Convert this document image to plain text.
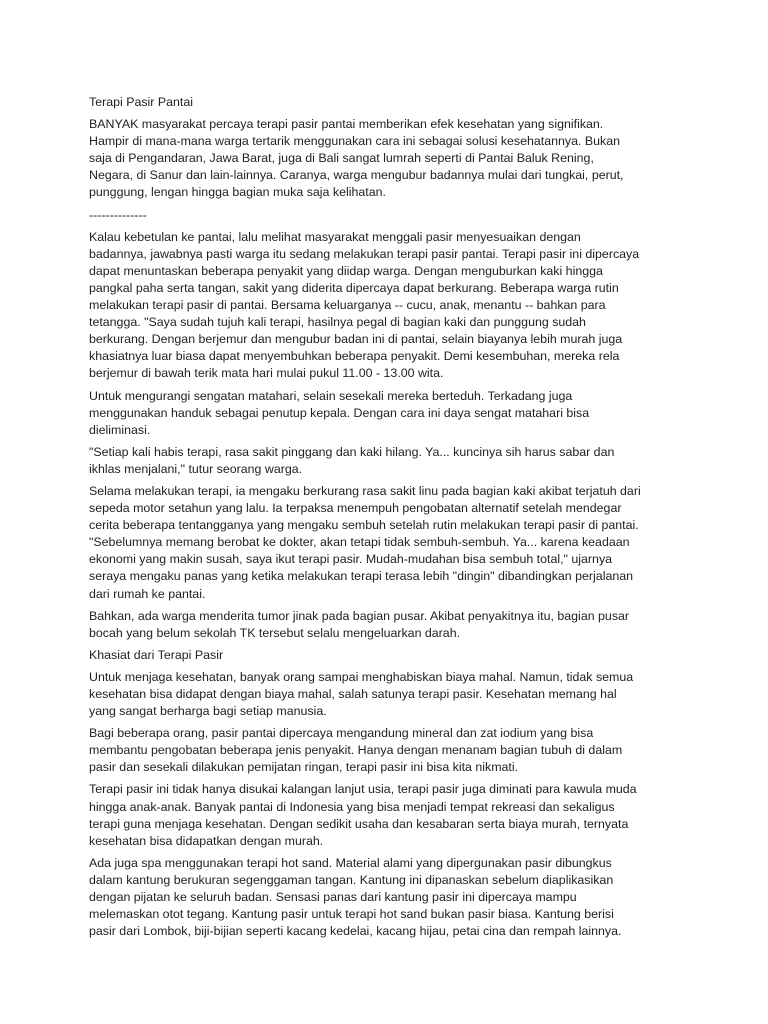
Terapi Pasir Pantai

BANYAK masyarakat percaya terapi pasir pantai memberikan efek kesehatan yang signifikan.
Hampir di mana-mana warga tertarik menggunakan cara ini sebagai solusi kesehatannya. Bukan
saja di Pengandaran, Jawa Barat, juga di Bali sangat lumrah seperti di Pantai Baluk Rening,
Negara, di Sanur dan lain-lainnya. Caranya, warga mengubur badannya mulai dari tungkai, perut,
punggung, lengan hingga bagian muka saja kelihatan.

--------------

Kalau kebetulan ke pantai, lalu melihat masyarakat menggali pasir menyesuaikan dengan
badannya, jawabnya pasti warga itu sedang melakukan terapi pasir pantai. Terapi pasir ini dipercaya
dapat menuntaskan beberapa penyakit yang diidap warga. Dengan menguburkan kaki hingga
pangkal paha serta tangan, sakit yang diderita dipercaya dapat berkurang. Beberapa warga rutin
melakukan terapi pasir di pantai. Bersama keluarganya -- cucu, anak, menantu -- bahkan para
tetangga. "Saya sudah tujuh kali terapi, hasilnya pegal di bagian kaki dan punggung sudah
berkurang. Dengan berjemur dan mengubur badan ini di pantai, selain biayanya lebih murah juga
khasiatnya luar biasa dapat menyembuhkan beberapa penyakit. Demi kesembuhan, mereka rela
berjemur di bawah terik mata hari mulai pukul 11.00 - 13.00 wita.

Untuk mengurangi sengatan matahari, selain sesekali mereka berteduh. Terkadang juga
menggunakan handuk sebagai penutup kepala. Dengan cara ini daya sengat matahari bisa
dieliminasi.

"Setiap kali habis terapi, rasa sakit pinggang dan kaki hilang. Ya... kuncinya sih harus sabar dan
ikhlas menjalani," tutur seorang warga.

Selama melakukan terapi, ia mengaku berkurang rasa sakit linu pada bagian kaki akibat terjatuh dari
sepeda motor setahun yang lalu. Ia terpaksa menempuh pengobatan alternatif setelah mendegar
cerita beberapa tentangganya yang mengaku sembuh setelah rutin melakukan terapi pasir di pantai.
"Sebelumnya memang berobat ke dokter, akan tetapi tidak sembuh-sembuh. Ya... karena keadaan
ekonomi yang makin susah, saya ikut terapi pasir. Mudah-mudahan bisa sembuh total," ujarnya
seraya mengaku panas yang ketika melakukan terapi terasa lebih "dingin" dibandingkan perjalanan
dari rumah ke pantai.

Bahkan, ada warga menderita tumor jinak pada bagian pusar. Akibat penyakitnya itu, bagian pusar
bocah yang belum sekolah TK tersebut selalu mengeluarkan darah.

Khasiat dari Terapi Pasir

Untuk menjaga kesehatan, banyak orang sampai menghabiskan biaya mahal. Namun, tidak semua
kesehatan bisa didapat dengan biaya mahal, salah satunya terapi pasir. Kesehatan memang hal
yang sangat berharga bagi setiap manusia.

Bagi beberapa orang, pasir pantai dipercaya mengandung mineral dan zat iodium yang bisa
membantu pengobatan beberapa jenis penyakit. Hanya dengan menanam bagian tubuh di dalam
pasir dan sesekali dilakukan pemijatan ringan, terapi pasir ini bisa kita nikmati.

Terapi pasir ini tidak hanya disukai kalangan lanjut usia, terapi pasir juga diminati para kawula muda
hingga anak-anak. Banyak pantai di Indonesia yang bisa menjadi tempat rekreasi dan sekaligus
terapi guna menjaga kesehatan. Dengan sedikit usaha dan kesabaran serta biaya murah, ternyata
kesehatan bisa didapatkan dengan murah.

Ada juga spa menggunakan terapi hot sand. Material alami yang dipergunakan pasir dibungkus
dalam kantung berukuran segenggaman tangan. Kantung ini dipanaskan sebelum diaplikasikan
dengan pijatan ke seluruh badan. Sensasi panas dari kantung pasir ini dipercaya mampu
melemaskan otot tegang. Kantung pasir untuk terapi hot sand bukan pasir biasa. Kantung berisi
pasir dari Lombok, biji-bijian seperti kacang kedelai, kacang hijau, petai cina dan rempah lainnya.
